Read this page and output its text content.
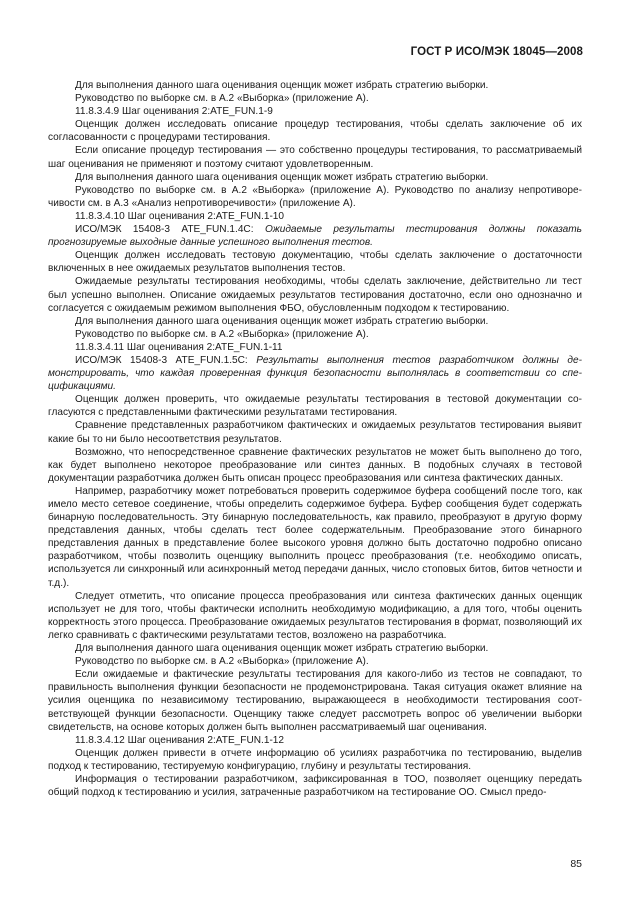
ГОСТ Р ИСО/МЭК 18045—2008

Для выполнения данного шага оценивания оценщик может избрать стратегию выборки.

Руководство по выборке см. в А.2 «Выборка» (приложение А).

11.8.3.4.9 Шаг оценивания 2:ATE_FUN.1-9

Оценщик должен исследовать описание процедур тестирования, чтобы сделать заключение об их согласованности с процедурами тестирования.

Если описание процедур тестирования — это собственно процедуры тестирования, то рассматриваемый шаг оценивания не применяют и поэтому считают удовлетворенным.

Для выполнения данного шага оценивания оценщик может избрать стратегию выборки.

Руководство по выборке см. в А.2 «Выборка» (приложение А). Руководство по анализу непротиворечивости см. в А.3 «Анализ непротиворечивости» (приложение А).

11.8.3.4.10 Шаг оценивания 2:ATE_FUN.1-10

ИСО/МЭК 15408-3 ATE_FUN.1.4C: Ожидаемые результаты тестирования должны показать прогнозируемые выходные данные успешного выполнения тестов.

Оценщик должен исследовать тестовую документацию, чтобы сделать заключение о достаточности включенных в нее ожидаемых результатов выполнения тестов.

Ожидаемые результаты тестирования необходимы, чтобы сделать заключение, действительно ли тест был успешно выполнен. Описание ожидаемых результатов тестирования достаточно, если оно однозначно и согласуется с ожидаемым режимом выполнения ФБО, обусловленным подходом к тестированию.

Для выполнения данного шага оценивания оценщик может избрать стратегию выборки.

Руководство по выборке см. в А.2 «Выборка» (приложение А).

11.8.3.4.11 Шаг оценивания 2:ATE_FUN.1-11

ИСО/МЭК 15408-3 ATE_FUN.1.5C: Результаты выполнения тестов разработчиком должны демонстрировать, что каждая проверенная функция безопасности выполнялась в соответствии со спецификациями.

Оценщик должен проверить, что ожидаемые результаты тестирования в тестовой документации согласуются с представленными фактическими результатами тестирования.

Сравнение представленных разработчиком фактических и ожидаемых результатов тестирования выявит какие бы то ни было несоответствия результатов.

Возможно, что непосредственное сравнение фактических результатов не может быть выполнено до того, как будет выполнено некоторое преобразование или синтез данных. В подобных случаях в тестовой документации разработчика должен быть описан процесс преобразования или синтеза фактических данных.

Например, разработчику может потребоваться проверить содержимое буфера сообщений после того, как имело место сетевое соединение, чтобы определить содержимое буфера. Буфер сообщения будет содержать бинарную последовательность. Эту бинарную последовательность, как правило, преобразуют в другую форму представления данных, чтобы сделать тест более содержательным. Преобразование этого бинарного представления данных в представление более высокого уровня должно быть достаточно подробно описано разработчиком, чтобы позволить оценщику выполнить процесс преобразования (т.е. необходимо описать, используется ли синхронный или асинхронный метод передачи данных, число стоповых битов, битов четности и т.д.).

Следует отметить, что описание процесса преобразования или синтеза фактических данных оценщик использует не для того, чтобы фактически исполнить необходимую модификацию, а для того, чтобы оценить корректность этого процесса. Преобразование ожидаемых результатов тестирования в формат, позволяющий их легко сравнивать с фактическими результатами тестов, возложено на разработчика.

Для выполнения данного шага оценивания оценщик может избрать стратегию выборки.

Руководство по выборке см. в А.2 «Выборка» (приложение А).

Если ожидаемые и фактические результаты тестирования для какого-либо из тестов не совпадают, то правильность выполнения функции безопасности не продемонстрирована. Такая ситуация окажет влияние на усилия оценщика по независимому тестированию, выражающееся в необходимости тестирования соответствующей функции безопасности. Оценщику также следует рассмотреть вопрос об увеличении выборки свидетельств, на основе которых должен быть выполнен рассматриваемый шаг оценивания.

11.8.3.4.12 Шаг оценивания 2:ATE_FUN.1-12

Оценщик должен привести в отчете информацию об усилиях разработчика по тестированию, выделив подход к тестированию, тестируемую конфигурацию, глубину и результаты тестирования.

Информация о тестировании разработчиком, зафиксированная в ТОО, позволяет оценщику передать общий подход к тестированию и усилия, затраченные разработчиком на тестирование ОО. Смысл предо-

85
